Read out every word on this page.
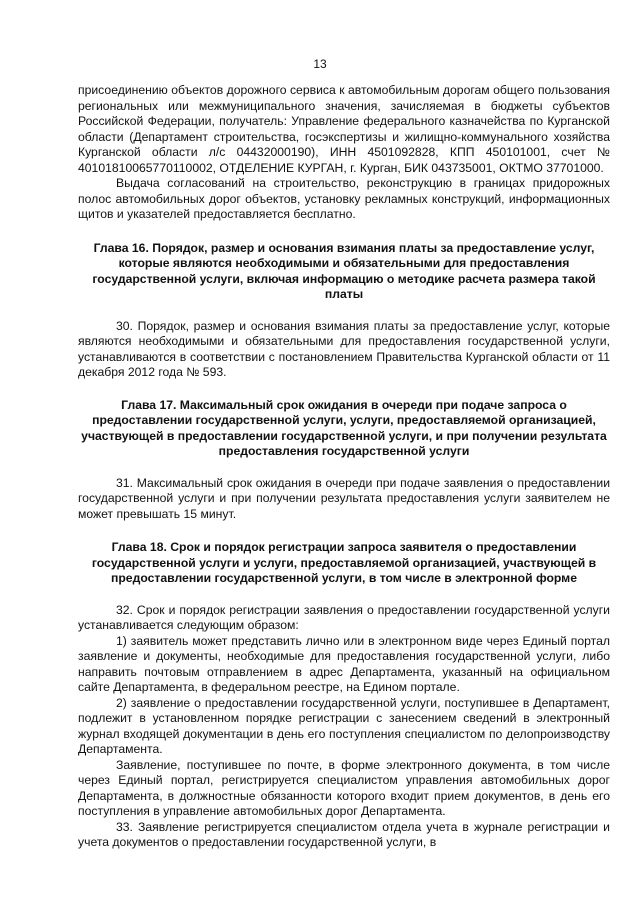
13

присоединению объектов дорожного сервиса к автомобильным дорогам общего пользования региональных или межмуниципального значения, зачисляемая в бюджеты субъектов Российской Федерации, получатель: Управление федерального казначейства по Курганской области (Департамент строительства, госэкспертизы и жилищно-коммунального хозяйства Курганской области л/с 04432000190), ИНН 4501092828, КПП 450101001, счет № 40101810065770110002, ОТДЕЛЕНИЕ КУРГАН, г. Курган, БИК 043735001, ОКТМО 37701000.

Выдача согласований на строительство, реконструкцию в границах придорожных полос автомобильных дорог объектов, установку рекламных конструкций, информационных щитов и указателей предоставляется бесплатно.

Глава 16. Порядок, размер и основания взимания платы за предоставление услуг, которые являются необходимыми и обязательными для предоставления государственной услуги, включая информацию о методике расчета размера такой платы

30. Порядок, размер и основания взимания платы за предоставление услуг, которые являются необходимыми и обязательными для предоставления государственной услуги, устанавливаются в соответствии с постановлением Правительства Курганской области от 11 декабря 2012 года № 593.

Глава 17. Максимальный срок ожидания в очереди при подаче запроса о предоставлении государственной услуги, услуги, предоставляемой организацией, участвующей в предоставлении государственной услуги, и при получении результата предоставления государственной услуги

31. Максимальный срок ожидания в очереди при подаче заявления о предоставлении государственной услуги и при получении результата предоставления услуги заявителем не может превышать 15 минут.

Глава 18. Срок и порядок регистрации запроса заявителя о предоставлении государственной услуги и услуги, предоставляемой организацией, участвующей в предоставлении государственной услуги, в том числе в электронной форме

32. Срок и порядок регистрации заявления о предоставлении государственной услуги устанавливается следующим образом:

1) заявитель может представить лично или в электронном виде через Единый портал заявление и документы, необходимые для предоставления государственной услуги, либо направить почтовым отправлением в адрес Департамента, указанный на официальном сайте Департамента, в федеральном реестре, на Едином портале.

2) заявление о предоставлении государственной услуги, поступившее в Департамент, подлежит в установленном порядке регистрации с занесением сведений в электронный журнал входящей документации в день его поступления специалистом по делопроизводству Департамента.

Заявление, поступившее по почте, в форме электронного документа, в том числе через Единый портал, регистрируется специалистом управления автомобильных дорог Департамента, в должностные обязанности которого входит прием документов, в день его поступления в управление автомобильных дорог Департамента.

33. Заявление регистрируется специалистом отдела учета в журнале регистрации и учета документов о предоставлении государственной услуги, в
